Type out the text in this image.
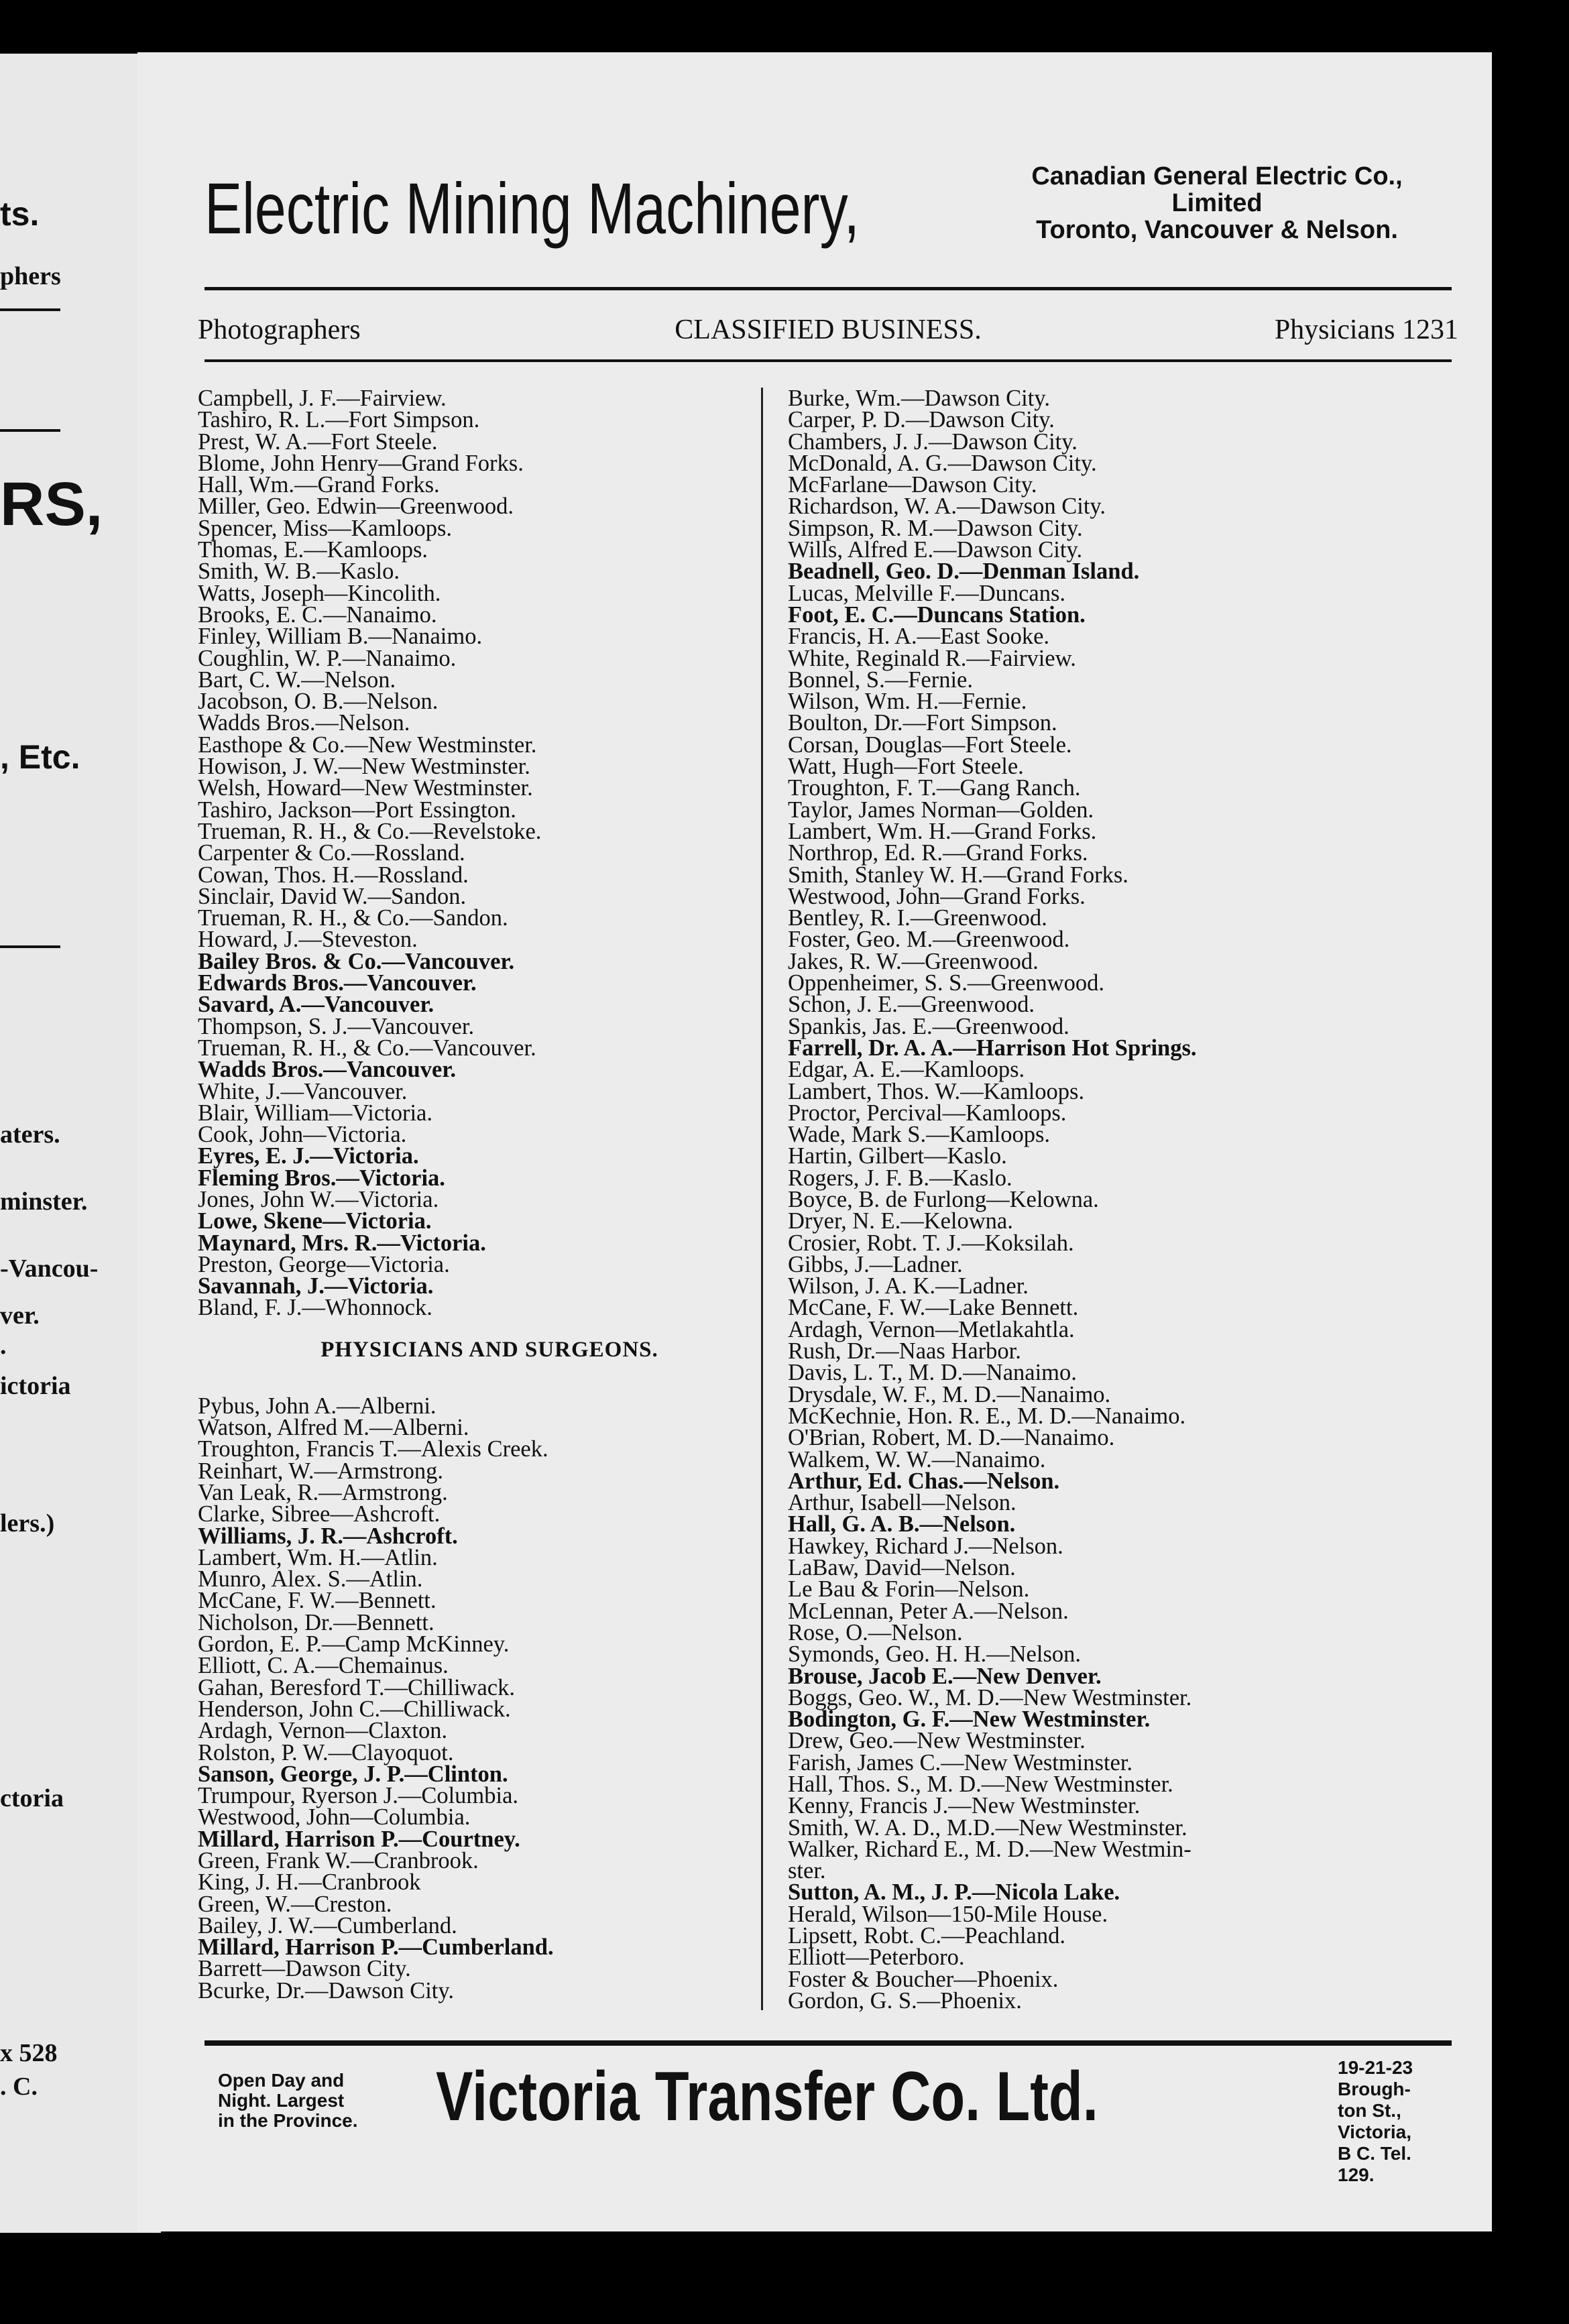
ts.
phers
RS,
, Etc.
aters.
minster.
-Vancou-
ver.
.
ictoria
lers.)
ctoria
x 528
. C.
Electric Mining Machinery,	Canadian General Electric Co.,
Limited
Toronto, Vancouver & Nelson.
Photographers	CLASSIFIED BUSINESS.	Physicians 1231
Campbell, J. F.—Fairview.
Tashiro, R. L.—Fort Simpson.
Prest, W. A.—Fort Steele.
Blome, John Henry—Grand Forks.
Hall, Wm.—Grand Forks.
Miller, Geo. Edwin—Greenwood.
Spencer, Miss—Kamloops.
Thomas, E.—Kamloops.
Smith, W. B.—Kaslo.
Watts, Joseph—Kincolith.
Brooks, E. C.—Nanaimo.
Finley, William B.—Nanaimo.
Coughlin, W. P.—Nanaimo.
Bart, C. W.—Nelson.
Jacobson, O. B.—Nelson.
Wadds Bros.—Nelson.
Easthope & Co.—New Westminster.
Howison, J. W.—New Westminster.
Welsh, Howard—New Westminster.
Tashiro, Jackson—Port Essington.
Trueman, R. H., & Co.—Revelstoke.
Carpenter & Co.—Rossland.
Cowan, Thos. H.—Rossland.
Sinclair, David W.—Sandon.
Trueman, R. H., & Co.—Sandon.
Howard, J.—Steveston.
Bailey Bros. & Co.—Vancouver.
Edwards Bros.—Vancouver.
Savard, A.—Vancouver.
Thompson, S. J.—Vancouver.
Trueman, R. H., & Co.—Vancouver.
Wadds Bros.—Vancouver.
White, J.—Vancouver.
Blair, William—Victoria.
Cook, John—Victoria.
Eyres, E. J.—Victoria.
Fleming Bros.—Victoria.
Jones, John W.—Victoria.
Lowe, Skene—Victoria.
Maynard, Mrs. R.—Victoria.
Preston, George—Victoria.
Savannah, J.—Victoria.
Bland, F. J.—Whonnock.
PHYSICIANS AND SURGEONS.
Pybus, John A.—Alberni.
Watson, Alfred M.—Alberni.
Troughton, Francis T.—Alexis Creek.
Reinhart, W.—Armstrong.
Van Leak, R.—Armstrong.
Clarke, Sibree—Ashcroft.
Williams, J. R.—Ashcroft.
Lambert, Wm. H.—Atlin.
Munro, Alex. S.—Atlin.
McCane, F. W.—Bennett.
Nicholson, Dr.—Bennett.
Gordon, E. P.—Camp McKinney.
Elliott, C. A.—Chemainus.
Gahan, Beresford T.—Chilliwack.
Henderson, John C.—Chilliwack.
Ardagh, Vernon—Claxton.
Rolston, P. W.—Clayoquot.
Sanson, George, J. P.—Clinton.
Trumpour, Ryerson J.—Columbia.
Westwood, John—Columbia.
Millard, Harrison P.—Courtney.
Green, Frank W.—Cranbrook.
King, J. H.—Cranbrook
Green, W.—Creston.
Bailey, J. W.—Cumberland.
Millard, Harrison P.—Cumberland.
Barrett—Dawson City.
Bcurke, Dr.—Dawson City.
Burke, Wm.—Dawson City.
Carper, P. D.—Dawson City.
Chambers, J. J.—Dawson City.
McDonald, A. G.—Dawson City.
McFarlane—Dawson City.
Richardson, W. A.—Dawson City.
Simpson, R. M.—Dawson City.
Wills, Alfred E.—Dawson City.
Beadnell, Geo. D.—Denman Island.
Lucas, Melville F.—Duncans.
Foot, E. C.—Duncans Station.
Francis, H. A.—East Sooke.
White, Reginald R.—Fairview.
Bonnel, S.—Fernie.
Wilson, Wm. H.—Fernie.
Boulton, Dr.—Fort Simpson.
Corsan, Douglas—Fort Steele.
Watt, Hugh—Fort Steele.
Troughton, F. T.—Gang Ranch.
Taylor, James Norman—Golden.
Lambert, Wm. H.—Grand Forks.
Northrop, Ed. R.—Grand Forks.
Smith, Stanley W. H.—Grand Forks.
Westwood, John—Grand Forks.
Bentley, R. I.—Greenwood.
Foster, Geo. M.—Greenwood.
Jakes, R. W.—Greenwood.
Oppenheimer, S. S.—Greenwood.
Schon, J. E.—Greenwood.
Spankis, Jas. E.—Greenwood.
Farrell, Dr. A. A.—Harrison Hot Springs.
Edgar, A. E.—Kamloops.
Lambert, Thos. W.—Kamloops.
Proctor, Percival—Kamloops.
Wade, Mark S.—Kamloops.
Hartin, Gilbert—Kaslo.
Rogers, J. F. B.—Kaslo.
Boyce, B. de Furlong—Kelowna.
Dryer, N. E.—Kelowna.
Crosier, Robt. T. J.—Koksilah.
Gibbs, J.—Ladner.
Wilson, J. A. K.—Ladner.
McCane, F. W.—Lake Bennett.
Ardagh, Vernon—Metlakahtla.
Rush, Dr.—Naas Harbor.
Davis, L. T., M. D.—Nanaimo.
Drysdale, W. F., M. D.—Nanaimo.
McKechnie, Hon. R. E., M. D.—Nanaimo.
O'Brian, Robert, M. D.—Nanaimo.
Walkem, W. W.—Nanaimo.
Arthur, Ed. Chas.—Nelson.
Arthur, Isabell—Nelson.
Hall, G. A. B.—Nelson.
Hawkey, Richard J.—Nelson.
LaBaw, David—Nelson.
Le Bau & Forin—Nelson.
McLennan, Peter A.—Nelson.
Rose, O.—Nelson.
Symonds, Geo. H. H.—Nelson.
Brouse, Jacob E.—New Denver.
Boggs, Geo. W., M. D.—New Westminster.
Bodington, G. F.—New Westminster.
Drew, Geo.—New Westminster.
Farish, James C.—New Westminster.
Hall, Thos. S., M. D.—New Westminster.
Kenny, Francis J.—New Westminster.
Smith, W. A. D., M.D.—New Westminster.
Walker, Richard E., M. D.—New Westmin-
ster.
Sutton, A. M., J. P.—Nicola Lake.
Herald, Wilson—150-Mile House.
Lipsett, Robt. C.—Peachland.
Elliott—Peterboro.
Foster & Boucher—Phoenix.
Gordon, G. S.—Phoenix.
Open Day and
Night. Largest
in the Province.	Victoria Transfer Co. Ltd.	19-21-23 Brough-
ton St., Victoria,
B C. Tel. 129.
